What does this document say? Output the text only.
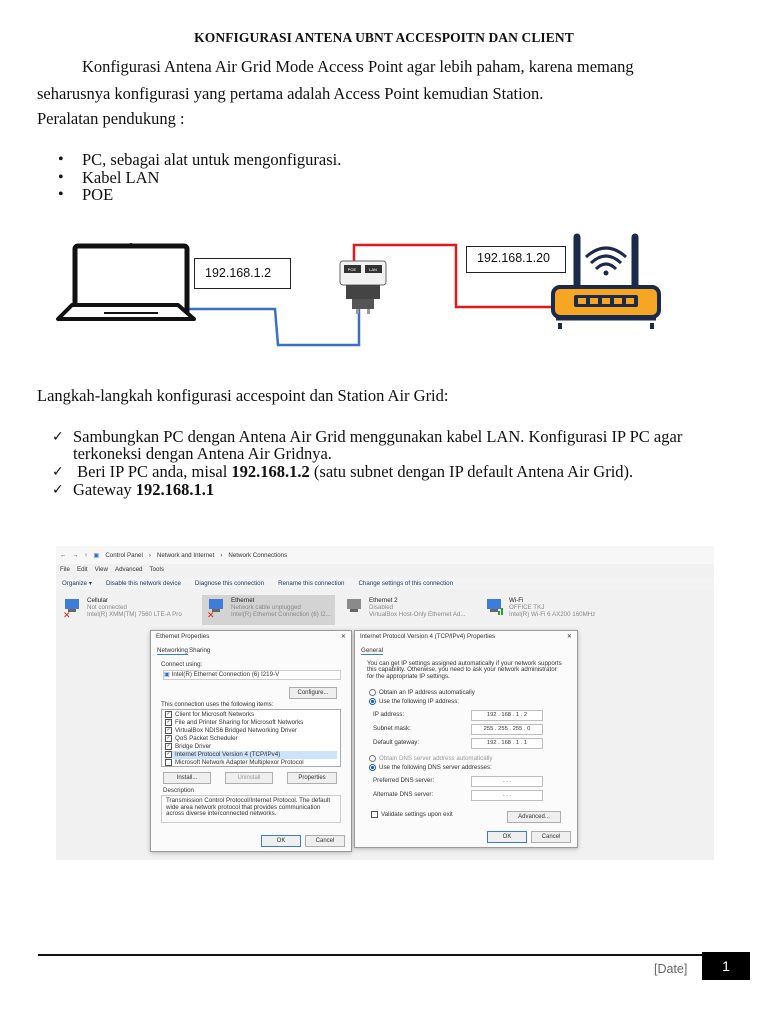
KONFIGURASI ANTENA UBNT ACCESPOITN DAN CLIENT
Konfigurasi Antena Air Grid Mode Access Point agar lebih paham, karena memang
seharusnya konfigurasi yang pertama adalah Access Point kemudian Station.
Peralatan pendukung :
• PC, sebagai alat untuk mengonfigurasi.
• Kabel LAN
• POE
POE	LAN
192.168.1.2
192.168.1.20
Langkah-langkah konfigurasi accespoint dan Station Air Grid:
✓ Sambungkan PC dengan Antena Air Grid menggunakan kabel LAN. Konfigurasi IP PC agar terkoneksi dengan Antena Air Gridnya.
✓ Beri IP PC anda, misal 192.168.1.2 (satu subnet dengan IP default Antena Air Grid).
✓ Gateway 192.168.1.1
← → ↑ ▣ Control Panel › Network and Internet › Network Connections
File Edit View Advanced Tools
Organize ▾ Disable this network device Diagnose this connection Rename this connection Change settings of this connection
✕
Cellular
Not connected
Intel(R) XMM(TM) 7560 LTE-A Pro	✕
Ethernet
Network cable unplugged
Intel(R) Ethernet Connection (6) I2...
Ethernet 2
Disabled
VirtualBox Host-Only Ethernet Ad...
Wi-Fi
OFFICE TKJ
Intel(R) Wi-Fi 6 AX200 160MHz
Ethernet Properties	✕
Networking Sharing
Connect using:
▣ Intel(R) Ethernet Connection (6) I219-V
Configure...
This connection uses the following items:
✓ Client for Microsoft Networks
✓ File and Printer Sharing for Microsoft Networks
✓ VirtualBox NDIS6 Bridged Networking Driver
✓ QoS Packet Scheduler
✓ Bridge Driver
✓ Internet Protocol Version 4 (TCP/IPv4)
Microsoft Network Adapter Multiplexor Protocol
Install...	Uninstall	Properties
Description
Transmission Control Protocol/Internet Protocol. The default wide area network protocol that provides communication across diverse interconnected networks.
OK	Cancel
Internet Protocol Version 4 (TCP/IPv4) Properties	✕
General
You can get IP settings assigned automatically if your network supports this capability. Otherwise, you need to ask your network administrator for the appropriate IP settings.
Obtain an IP address automatically
Use the following IP address:
IP address:	192 . 168 . 1 . 2
Subnet mask:	255 . 255 . 255 . 0
Default gateway:	192 . 168 . 1 . 1
Obtain DNS server address automatically
Use the following DNS server addresses:
Preferred DNS server:	. . .
Alternate DNS server:	. . .
Validate settings upon exit	Advanced...
OK	Cancel
[Date]	1
